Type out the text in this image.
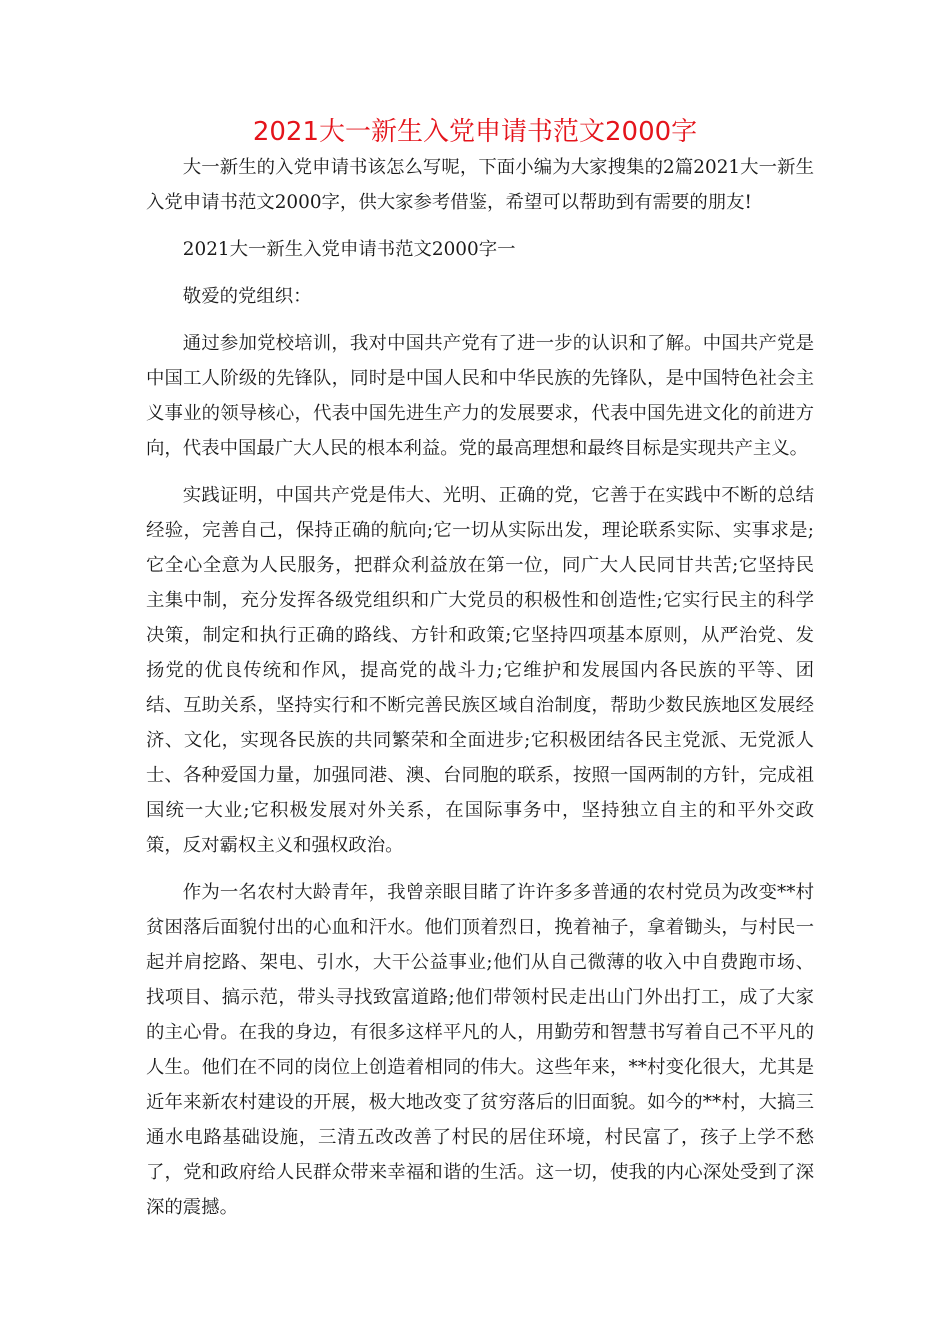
2021大一新生入党申请书范文2000字

大一新生的入党申请书该怎么写呢，下面小编为大家搜集的2篇2021大一新生入党申请书范文2000字，供大家参考借鉴，希望可以帮助到有需要的朋友!

2021大一新生入党申请书范文2000字一

敬爱的党组织：

通过参加党校培训，我对中国共产党有了进一步的认识和了解。中国共产党是中国工人阶级的先锋队，同时是中国人民和中华民族的先锋队，是中国特色社会主义事业的领导核心，代表中国先进生产力的发展要求，代表中国先进文化的前进方向，代表中国最广大人民的根本利益。党的最高理想和最终目标是实现共产主义。

实践证明，中国共产党是伟大、光明、正确的党，它善于在实践中不断的总结经验，完善自己，保持正确的航向;它一切从实际出发，理论联系实际、实事求是;它全心全意为人民服务，把群众利益放在第一位，同广大人民同甘共苦;它坚持民主集中制，充分发挥各级党组织和广大党员的积极性和创造性;它实行民主的科学决策，制定和执行正确的路线、方针和政策;它坚持四项基本原则，从严治党、发扬党的优良传统和作风，提高党的战斗力;它维护和发展国内各民族的平等、团结、互助关系，坚持实行和不断完善民族区域自治制度，帮助少数民族地区发展经济、文化，实现各民族的共同繁荣和全面进步;它积极团结各民主党派、无党派人士、各种爱国力量，加强同港、澳、台同胞的联系，按照一国两制的方针，完成祖国统一大业;它积极发展对外关系，在国际事务中，坚持独立自主的和平外交政策，反对霸权主义和强权政治。

作为一名农村大龄青年，我曾亲眼目睹了许许多多普通的农村党员为改变**村贫困落后面貌付出的心血和汗水。他们顶着烈日，挽着袖子，拿着锄头，与村民一起并肩挖路、架电、引水，大干公益事业;他们从自己微薄的收入中自费跑市场、找项目、搞示范，带头寻找致富道路;他们带领村民走出山门外出打工，成了大家的主心骨。在我的身边，有很多这样平凡的人，用勤劳和智慧书写着自己不平凡的人生。他们在不同的岗位上创造着相同的伟大。这些年来，**村变化很大，尤其是近年来新农村建设的开展，极大地改变了贫穷落后的旧面貌。如今的**村，大搞三通水电路基础设施，三清五改改善了村民的居住环境，村民富了，孩子上学不愁了，党和政府给人民群众带来幸福和谐的生活。这一切，使我的内心深处受到了深深的震撼。
